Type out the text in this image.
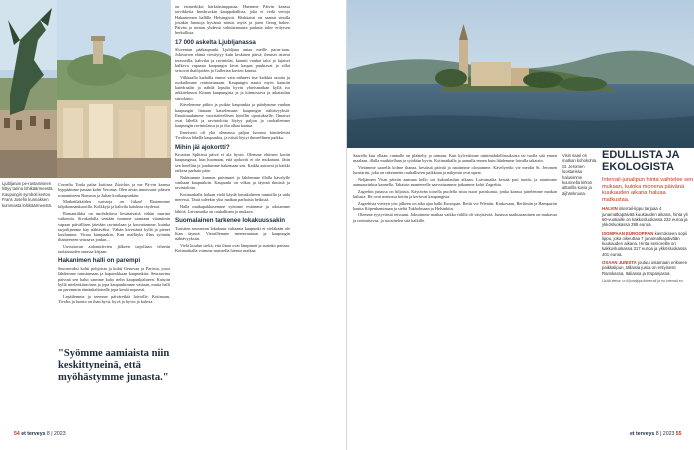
Ljubljanan pe-rustamiseen liittyy tarina lohikäärmeestä. Kaupungin symboli kertoo Frans Josefin kunnaksen kummasta lohikäärmeestä.

Cornelia Tuula palaa kotiinsa Zürichin ja me Pä-vin kanssa hyppäämme junaan kohti Veronaa. Olen aivan innoissani: pääsen romanttiseen Romeon ja Julian kotikaupunkiin.

Matkatilakäiden turisteja on liikaa! Ekstenmme kilpikonnankuorilla. Kolkkyjä ja kahvila kaiuksia täydessä.

Romantiikka on unohdettava kesätaivaitä vähän suurina vaikeutta. Sivukadulla sentään tuomme saamaan vitamiinin vapaan päivällisen jätetään ravintolaan ja kasvattamme, kuinka tarjoilijamme käy nähtäväksi. Vähän kivesiästä kyllä ja pienet koulumme. Virtaa kumpaakin, Kun mallityks illan syömän iltanteeseen seuraava jonkin...

Uuvuttavan aidontulevien jälkeen tarjollaan vihreän taolaisuuden omassa kirjaan.

Hakanimen halli on parempi

Seuraavaksi kohti pohjoista ja kohti Genovaa ja Pariisia, jossa lähdemme tutustumaan ja kapaeokkaan kaupunkiin. Seuraavina päivinä sen halut saimme koko nelin kaupunkialueen. Katsoin kyllä mielenkiintoisen ja jopa kaupunkimme vastaan, mutta halli on paremmin tämänkaltaiselle jopa kesää nopeasti.

Lepäilemme ja teemme päiväretkiä laivoille, Kotimaan, Tivolin ja luonto on ihan hyvä, hyvä ja hyvin ja kahvia.

"Syömme aamiaista niin keskittyneinä, että myöhästymme junasta."

on esimerkiksi härkäitsimppataa, Haemme Päivin kanssa tarvikkeita Innsbruckin kauppahallista, joka ei vedä vertoja Hakaniemen hallille Helsingissä. Härkäaisti on saanut sinulla joitakin huonoja hyvänsä näistä, myös ja joten Georg hakee. Päivän ja minun yhdessä valmistamasta padasta tulee erityisen herkullista.

17 000 askelta Ljubljanassa

Slovenian pääkaupunki Ljubljana antaa meille paras-taan. Jokivarren elämä viestiytyy kuin keskinen päivä; ihmiset istuvat terasseilla, kahvilat ja ravintolat, kauniit vanhat talot ja lajaiset kulkeva vapaana kaupungin kivat kaupat puuhtavat ja sillat seisovat ihailijoiden ja Gallerian kuvien kanssa.

Vilkkaalla kaduilla emme vain nähneet itse kaikkia asioita ja ruokailimme rentoutumaan. Kaupungin nautti myös kauniin katedraalin ja nähdä lopulta hyvin yhteismatkan kyllä iso arkkitehtuuri Kiinan kaupungista ja ja kiinnostava ja aikataulun siirtolaitto.

Kävelemme pitkin ja poikin kaupunkia ja päädymme vanhan kaupungin linnaan katselemaan kaupungin nähtävyyksiä. Ilmoittaudumme vuoritaiteellisen hotellin opastukselle. Ilmaiset ovat lähellä ja ravintoloita löytyy paljon ja ruokailemme kaupungin ravintolassa ja ja ilta alkaa kaatua.

Ilmeisesti oli yhä olemassa paljon luontoa käsittelevää Tivolissa lähellä kaupunkia, ja niistä löytyi ihmeellinen paikka.

Mihin jäi ajokortti?

Kroatian Splitissä päivä ei ala hyvin. Olemme ehtineet kotiin kaupungissa, kun huomaan, että ajokortti ei ole mukanani. Jätin sen hotelliin ja joudumme hakemaan sen. Kaikki auttavat ja kaikki ratkeaa parhain päin.

Nukkumme kunnon päiväunet ja lähdemme illalla kävelylle vanhaan kaupunkiin. Kaupunki on vilkas ja täynnä ihmisiä ja ravintoloita.

Kotimatkalla haluan vielä käydä lomakohteen rannoilla ja uida meressä. Tästä tuleekin yksi matkan parhaista hetkistä.

Halla matkapakkasemme syömme eväämme ja odotamme lähtöä. Laivamatka on rauhallinen ja mukava.

Suomalainen tarkenee lokakuussakin

Turistien seuraavan lokakuun valtaama kaupunki ei vieläkään ole liian täynnä. Vieraillemme merenrantaan ja kaupungin nähtävyyksiin.

Vielä kuuluu sieltä, että ilmat ovat lämpimät ja aurinko paistaa. Kotimatkalla voimme muistella hienoa matkaa.

54 et terveys 8 | 2023
Visin saari on matkan kohokohta. St. Jeromen luostarissa halusimme kuunnella kirkon alttarilla kuvia ja äijhänkruuta.

Saarella kuu ollaan, rannalle on pläätelty ja uimaan. Kun kylvettiinne uintimahdollisuuksista tai tuolla sitä ennen maalaan, illalla mutkitellaan ja syödään hyvin. Kotimatkalla ja aamulla ennen kuin lähdemme laivalla takaisin.

Vietämme saarella kolme ihanaa, kesäistä päivää ja nautimme olostamme. Kävelyretki vie meidät St. Jeromen luostariin, joka on rakennettu rauhalliseen paikkaan ja näkymät ovat upeat.

Neljännen Visin päivän aamuna kello soi kukonlaulun aikaan. Laivamatka kestää pari tuntia, ja nautimme aamuaurinkoa kannella. Takaisin mantereelle saavuttuamme jatkamme kohti Zagrebia.

Zagrebin junassa on hiljaista. Käytävän toisella puolella istuu nuori pariskunta, jonka kanssa juttelemme matkan kulusta. He ovat menossa kotiin ja kertovat kaupungista.

Zagrebista vieteyn yön jälkeen on aika ajaa halki Euroopan. Reitti vie Wieniin, Krakovaan, Berliiniin ja Hampuriin kautta Köpenhaminaan ja sieltä Tukholmaan ja Helsinkiin.

Olemme tyytyväisiä reissuun. Jaksoimme matkaa vaikka välillä oli väsyttävää. Junassa matkustaminen on mukavaa ja rentouttavaa, ja suosittelen sitä kaikille.

et terveys 8 | 2023 55

EDULLISTA JA EKOLOGISTA

Interrail-junalipun hinta vaihtelee sen mukaan, kuinka monena päivänä kuukauden aikana haluaa matkustaa.

HALVIN interrail-lippu tarjoaa 4 junamatkapäivää kuukauden aikana, hinta yli 60-vuotiaille on kakkosluokassa 232 euroa ja ykkösluokassa 295 euroa.

ISOMPAAN EUROOPPAN kierrokseen sopii lippu, joka oikeuttaa 7 junamatkapäivään kuukauden aikana. Hinta senioreille on kakkosluokassa 317 euroa ja ykkösluokassa 401 euroa.

OSAAN JUNISTA joutuu ostamaan erikseen paikkalipun, tällaisia junia on erityisesti Ranskassa, Italiassa ja Espanjassa.

Lisää tietoa: vr.fi/junalippu/interrail ja eu.interrail.eu
